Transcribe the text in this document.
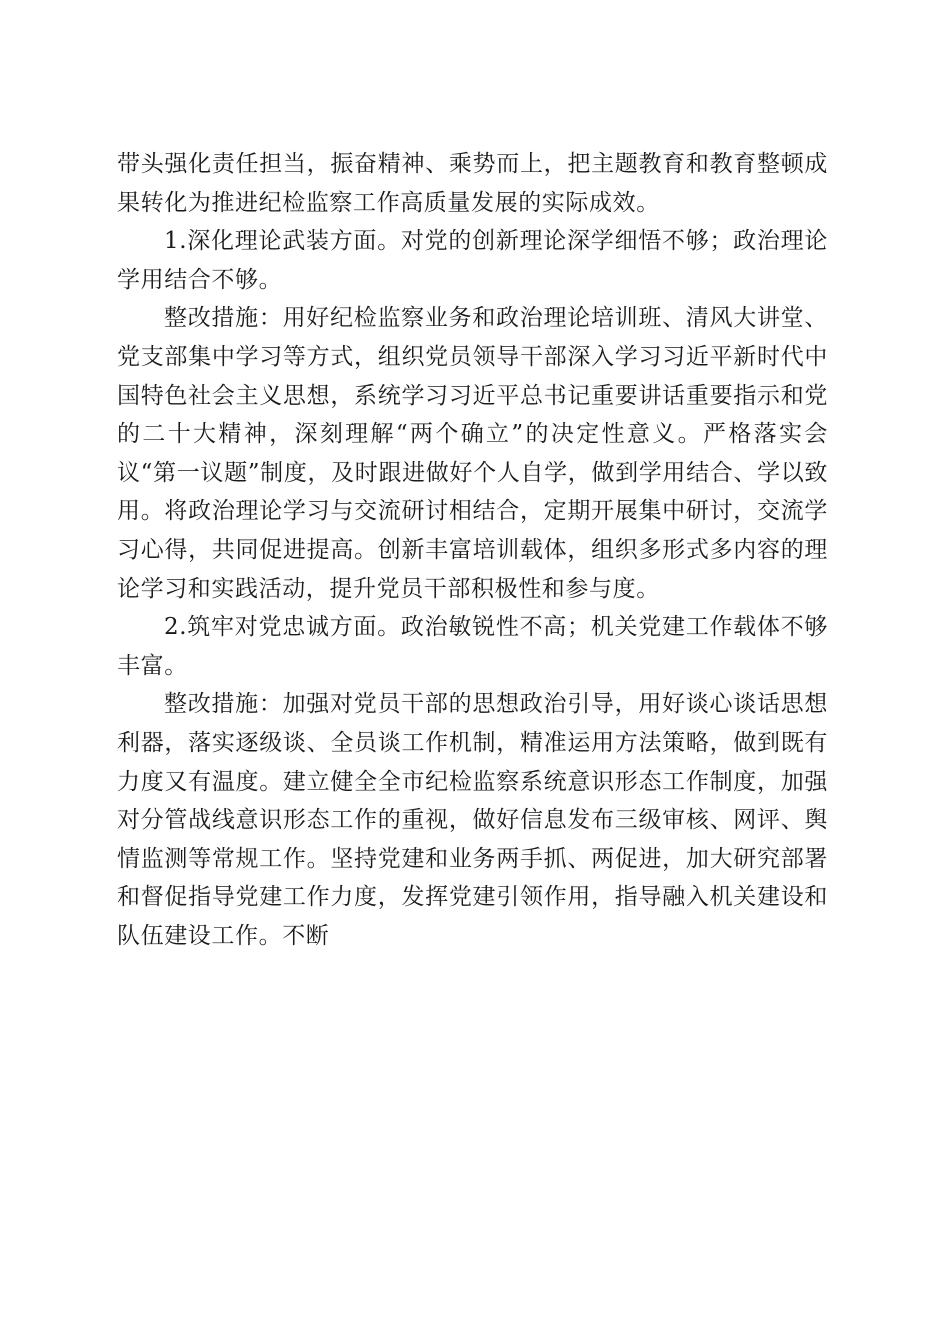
带头强化责任担当，振奋精神、乘势而上，把主题教育和教育整顿成果转化为推进纪检监察工作高质量发展的实际成效。

1.深化理论武装方面。对党的创新理论深学细悟不够；政治理论学用结合不够。

整改措施：用好纪检监察业务和政治理论培训班、清风大讲堂、党支部集中学习等方式，组织党员领导干部深入学习习近平新时代中国特色社会主义思想，系统学习习近平总书记重要讲话重要指示和党的二十大精神，深刻理解“两个确立”的决定性意义。严格落实会议“第一议题”制度，及时跟进做好个人自学，做到学用结合、学以致用。将政治理论学习与交流研讨相结合，定期开展集中研讨，交流学习心得，共同促进提高。创新丰富培训载体，组织多形式多内容的理论学习和实践活动，提升党员干部积极性和参与度。

2.筑牢对党忠诚方面。政治敏锐性不高；机关党建工作载体不够丰富。

整改措施：加强对党员干部的思想政治引导，用好谈心谈话思想利器，落实逐级谈、全员谈工作机制，精准运用方法策略，做到既有力度又有温度。建立健全全市纪检监察系统意识形态工作制度，加强对分管战线意识形态工作的重视，做好信息发布三级审核、网评、舆情监测等常规工作。坚持党建和业务两手抓、两促进，加大研究部署和督促指导党建工作力度，发挥党建引领作用，指导融入机关建设和队伍建设工作。不断
